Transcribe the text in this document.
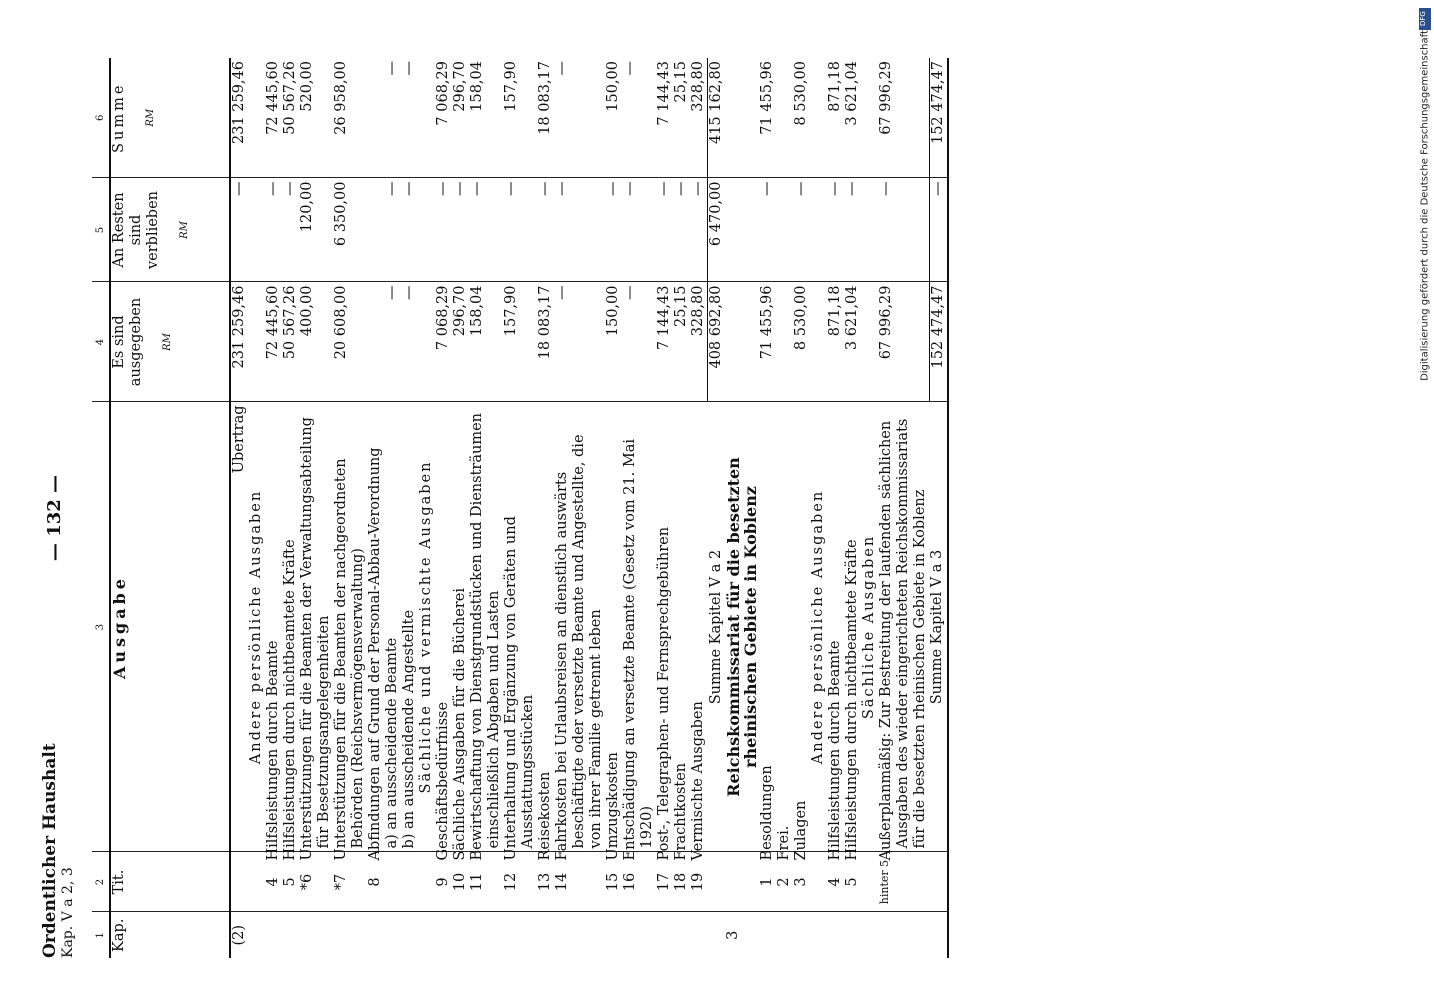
Ordentlicher Haushalt Kap. V a 2, 3
— 132 —
1	2	3	4	5	6
Kap.	Tit.	Ausgabe	Es sind ausgegeben RM	An Resten sind verblieben RM	Summe RM

(2)		Übertrag	231 259,46	—	231 259,46
		Andere persönliche Ausgaben			
	4	Hilfsleistungen durch Beamte	72 445,60	—	72 445,60
	5	Hilfsleistungen durch nichtbeamtete Kräfte	50 567,26	—	50 567,26
	*6	Unterstützungen für die Beamten der Verwaltungsabteilung für Besetzungsangelegenheiten	400,00	120,00	520,00
	*7	Unterstützungen für die Beamten der nachgeordneten Behörden (Reichsvermögensverwaltung)	20 608,00	6 350,00	26 958,00
	8	Abfindungen auf Grund der Personal-Abbau-Verordnung			
		a) an ausscheidende Beamte	—	—	—
		b) an ausscheidende Angestellte	—	—	—
		Sächliche und vermischte Ausgaben			
	9	Geschäftsbedürfnisse	7 068,29	—	7 068,29
	10	Sächliche Ausgaben für die Bücherei	296,70	—	296,70
	11	Bewirtschaftung von Dienstgrundstücken und Diensträumen einschließlich Abgaben und Lasten	158,04	—	158,04
	12	Unterhaltung und Ergänzung von Geräten und Ausstattungsstücken	157,90	—	157,90
	13	Reisekosten	18 083,17	—	18 083,17
	14	Fahrkosten bei Urlaubsreisen an dienstlich auswärts beschäftigte oder versetzte Beamte und Angestellte, die von ihrer Familie getrennt leben	—	—	—
	15	Umzugskosten	150,00	—	150,00
	16	Entschädigung an versetzte Beamte (Gesetz vom 21. Mai 1920)	—	—	—
	17	Post-, Telegraphen- und Fernsprechgebühren	7 144,43	—	7 144,43
	18	Frachtkosten	25,15	—	25,15
	19	Vermischte Ausgaben	328,80	—	328,80
		Summe Kapitel V a 2	408 692,80	6 470,00	415 162,80
3		Reichskommissariat für die besetzten rheinischen Gebiete in Koblenz			
	1	Besoldungen	71 455,96	—	71 455,96
	2	Frei.			
	3	Zulagen	8 530,00	—	8 530,00
		Andere persönliche Ausgaben			
	4	Hilfsleistungen durch Beamte	871,18	—	871,18
	5	Hilfsleistungen durch nichtbeamtete Kräfte	3 621,04	—	3 621,04
		Sächliche Ausgaben			
	hinter 5	Außerplanmäßig: Zur Bestreitung der laufenden sächlichen Ausgaben des wieder eingerichteten Reichskommissariats für die besetzten rheinischen Gebiete in Koblenz	67 996,29	—	67 996,29
		Summe Kapitel V a 3	152 474,47	—	152 474,47
DFG
Digitalisierung gefördert durch die Deutsche Forschungsgemeinschaft
